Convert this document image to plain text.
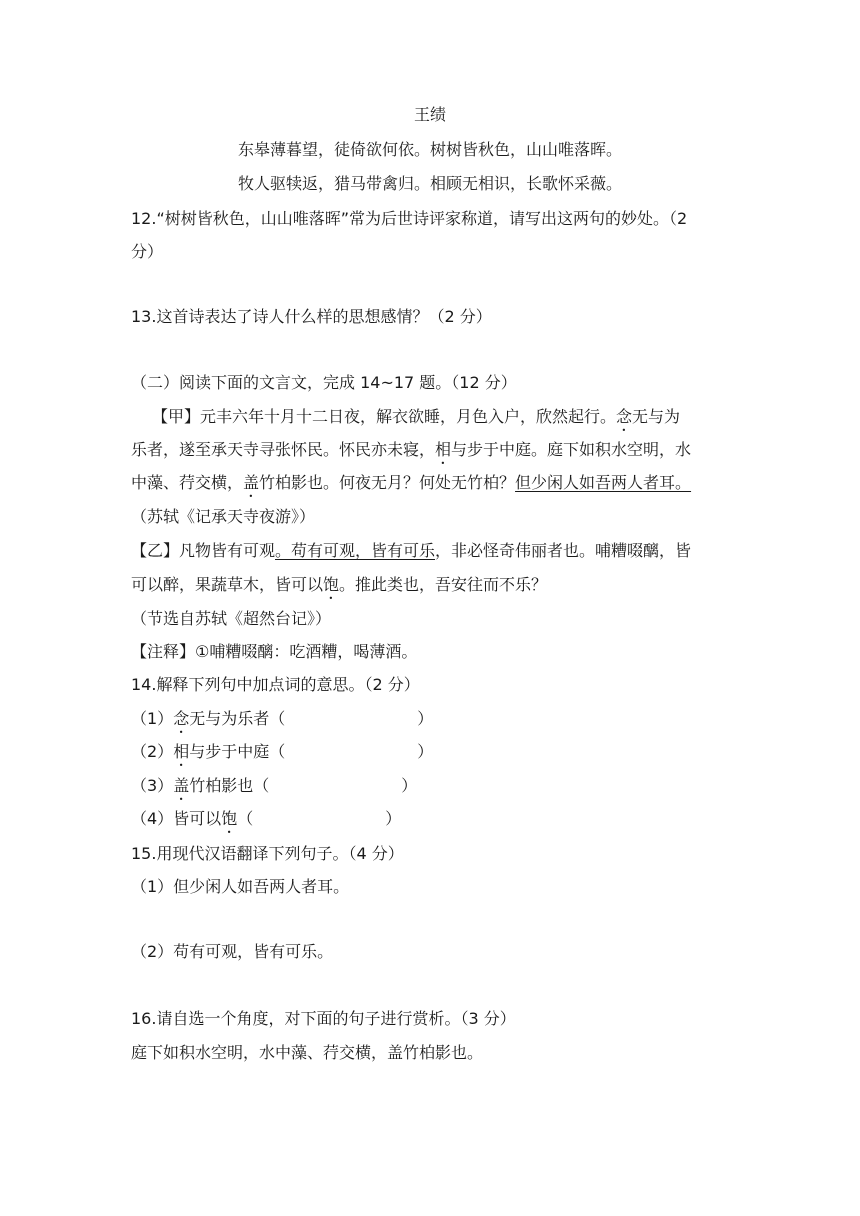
王绩

东皋薄暮望，徒倚欲何依。树树皆秋色，山山唯落晖。

牧人驱犊返，猎马带禽归。相顾无相识，长歌怀采薇。

12.“树树皆秋色，山山唯落晖”常为后世诗评家称道，请写出这两句的妙处。（2

分）

13.这首诗表达了诗人什么样的思想感情？（2 分）

（二）阅读下面的文言文，完成 14~17 题。（12 分）

【甲】元丰六年十月十二日夜，解衣欲睡，月色入户，欣然起行。念无与为

乐者，遂至承天寺寻张怀民。怀民亦未寝，相与步于中庭。庭下如积水空明，水

中藻、荇交横，盖竹柏影也。何夜无月？何处无竹柏？但少闲人如吾两人者耳。

（苏轼《记承天寺夜游》）

【乙】凡物皆有可观。苟有可观，皆有可乐，非必怪奇伟丽者也。哺糟啜醨，皆

可以醉，果蔬草木，皆可以饱。推此类也，吾安往而不乐？

（节选自苏轼《超然台记》）

【注释】①哺糟啜醨：吃酒糟，喝薄酒。

14.解释下列句中加点词的意思。（2 分）

（1）念无与为乐者（	）

（2）相与步于中庭（	）

（3）盖竹柏影也（	）

（4）皆可以饱（	）

15.用现代汉语翻译下列句子。（4 分）

（1）但少闲人如吾两人者耳。

（2）苟有可观，皆有可乐。

16.请自选一个角度，对下面的句子进行赏析。（3 分）

庭下如积水空明，水中藻、荇交横，盖竹柏影也。
